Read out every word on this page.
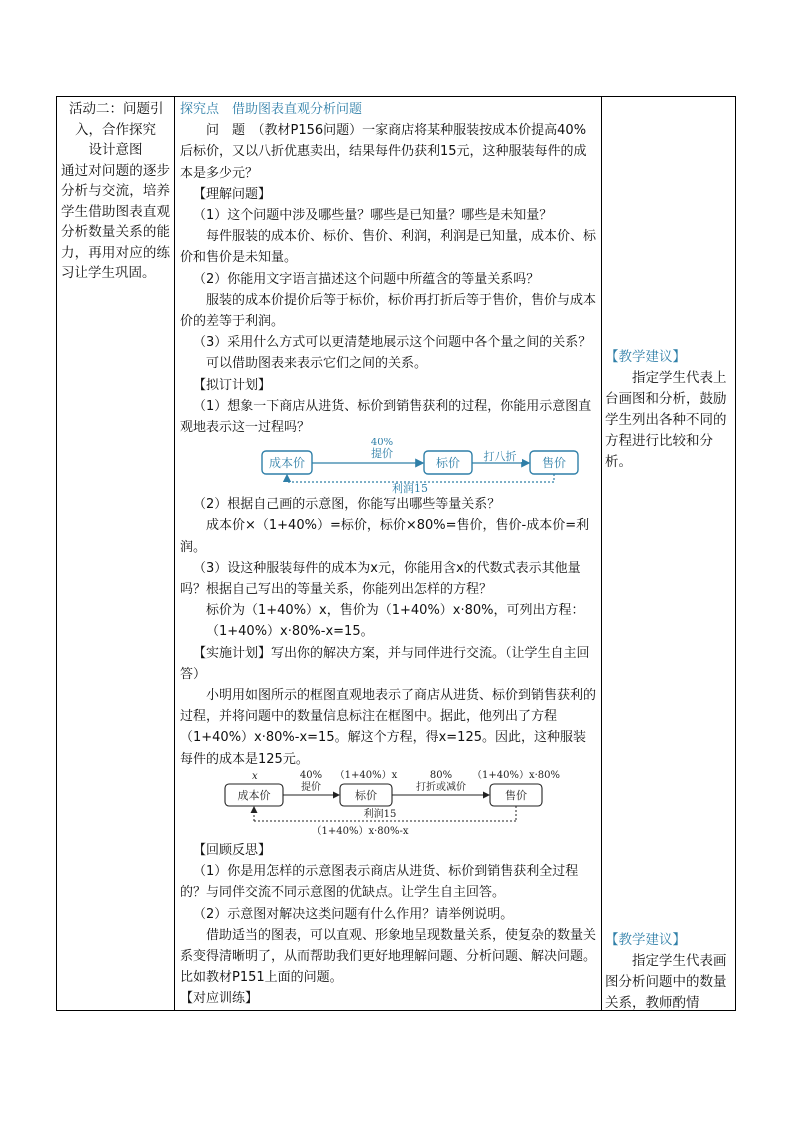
活动二：问题引

入，合作探究

设计意图

通过对问题的逐步分析与交流，培养学生借助图表直观分析数量关系的能力，再用对应的练习让学生巩固。

探究点　借助图表直观分析问题

问　题　（教材P156问题）一家商店将某种服装按成本价提高40%后标价，又以八折优惠卖出，结果每件仍获利15元，这种服装每件的成本是多少元？

【理解问题】

（1）这个问题中涉及哪些量？哪些是已知量？哪些是未知量？

每件服装的成本价、标价、售价、利润，利润是已知量，成本价、标价和售价是未知量。

（2）你能用文字语言描述这个问题中所蕴含的等量关系吗？

服装的成本价提价后等于标价，标价再打折后等于售价，售价与成本价的差等于利润。

（3）采用什么方式可以更清楚地展示这个问题中各个量之间的关系？

可以借助图表来表示它们之间的关系。

【拟订计划】

（1）想象一下商店从进货、标价到销售获利的过程，你能用示意图直观地表示这一过程吗？

成本价	标价	售价
40%
提价	打八折
利润15

（2）根据自己画的示意图，你能写出哪些等量关系？

成本价×（1+40%）=标价，标价×80%=售价，售价-成本价=利润。

（3）设这种服装每件的成本为x元，你能用含x的代数式表示其他量吗？根据自己写出的等量关系，你能列出怎样的方程？

标价为（1+40%）x，售价为（1+40%）x·80%，可列出方程：

（1+40%）x·80%-x=15。

【实施计划】写出你的解决方案，并与同伴进行交流。（让学生自主回答）

小明用如图所示的框图直观地表示了商店从进货、标价到销售获利的过程，并将问题中的数量信息标注在框图中。据此，他列出了方程（1+40%）x·80%-x=15。解这个方程，得x=125。因此，这种服装每件的成本是125元。

x
成本价	标价	售价
40%
提价
（1+40%）x	80%
打折或减价
（1+40%）x·80%
利润15
（1+40%）x·80%-x

【回顾反思】

（1）你是用怎样的示意图表示商店从进货、标价到销售获利全过程的？与同伴交流不同示意图的优缺点。让学生自主回答。

（2）示意图对解决这类问题有什么作用？请举例说明。

借助适当的图表，可以直观、形象地呈现数量关系，使复杂的数量关系变得清晰明了，从而帮助我们更好地理解问题、分析问题、解决问题。比如教材P151上面的问题。

【对应训练】

【教学建议】

指定学生代表上台画图和分析，鼓励学生列出各种不同的方程进行比较和分析。

【教学建议】

指定学生代表画图分析问题中的数量关系，教师酌情
